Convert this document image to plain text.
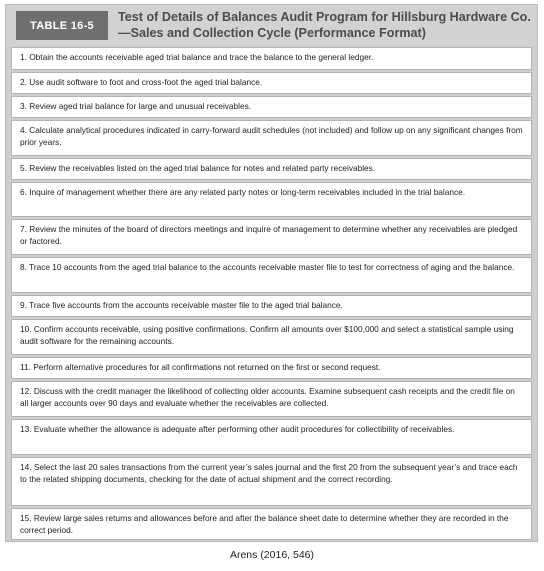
TABLE 16-5
Test of Details of Balances Audit Program for Hillsburg Hardware Co.—Sales and Collection Cycle (Performance Format)
1. Obtain the accounts receivable aged trial balance and trace the balance to the general ledger.
2. Use audit software to foot and cross-foot the aged trial balance.
3. Review aged trial balance for large and unusual receivables.
4. Calculate analytical procedures indicated in carry-forward audit schedules (not included) and follow up on any significant changes from prior years.
5. Review the receivables listed on the aged trial balance for notes and related party receivables.
6. Inquire of management whether there are any related party notes or long-term receivables included in the trial balance.
7. Review the minutes of the board of directors meetings and inquire of management to determine whether any receivables are pledged or factored.
8. Trace 10 accounts from the aged trial balance to the accounts receivable master file to test for correctness of aging and the balance.
9. Trace five accounts from the accounts receivable master file to the aged trial balance.
10. Confirm accounts receivable, using positive confirmations. Confirm all amounts over $100,000 and select a statistical sample using audit software for the remaining accounts.
11. Perform alternative procedures for all confirmations not returned on the first or second request.
12. Discuss with the credit manager the likelihood of collecting older accounts. Examine subsequent cash receipts and the credit file on all larger accounts over 90 days and evaluate whether the receivables are collected.
13. Evaluate whether the allowance is adequate after performing other audit procedures for collectibility of receivables.
14. Select the last 20 sales transactions from the current year’s sales journal and the first 20 from the subsequent year’s and trace each to the related shipping documents, checking for the date of actual shipment and the correct recording.
15. Review large sales returns and allowances before and after the balance sheet date to determine whether they are recorded in the correct period.
Arens (2016, 546)
